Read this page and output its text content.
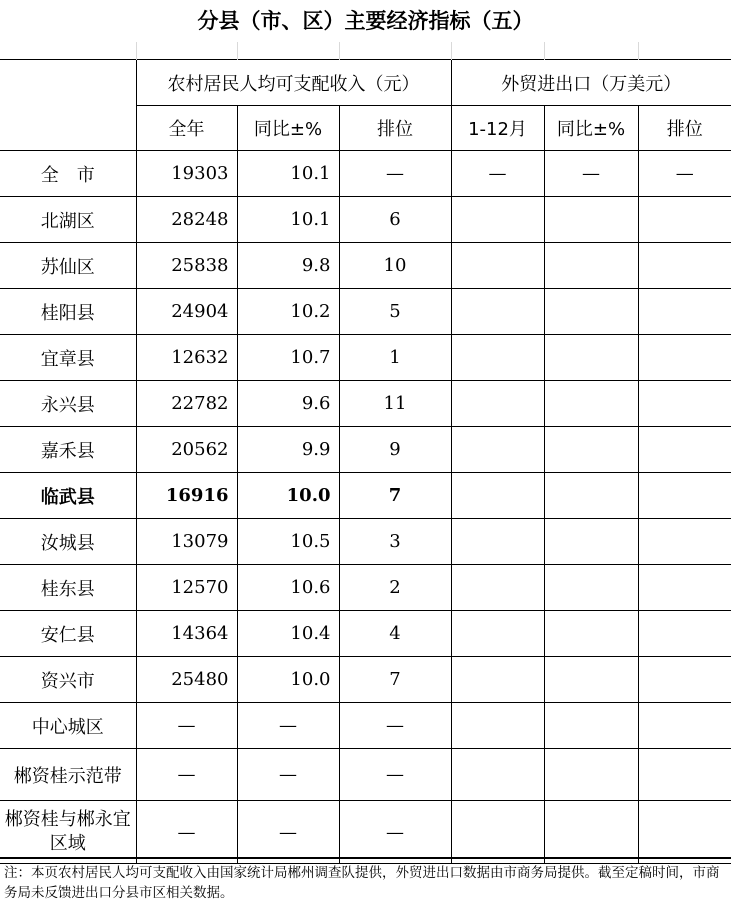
分县（市、区）主要经济指标（五）

	农村居民人均可支配收入（元）			外贸进出口（万美元）		
	全年	同比±%	排位	1-12月	同比±%	排位
全　市	19303	10.1	—	—	—	—
北湖区	28248	10.1	6			
苏仙区	25838	9.8	10			
桂阳县	24904	10.2	5			
宜章县	12632	10.7	1			
永兴县	22782	9.6	11			
嘉禾县	20562	9.9	9			
临武县	16916	10.0	7			
汝城县	13079	10.5	3			
桂东县	12570	10.6	2			
安仁县	14364	10.4	4			
资兴市	25480	10.0	7			
中心城区	—	—	—			
郴资桂示范带	—	—	—			
郴资桂与郴永宜区域	—	—	—			
注：本页农村居民人均可支配收入由国家统计局郴州调查队提供，外贸进出口数据由市商务局提供。截至定稿时间，市商务局未反馈进出口分县市区相关数据。
